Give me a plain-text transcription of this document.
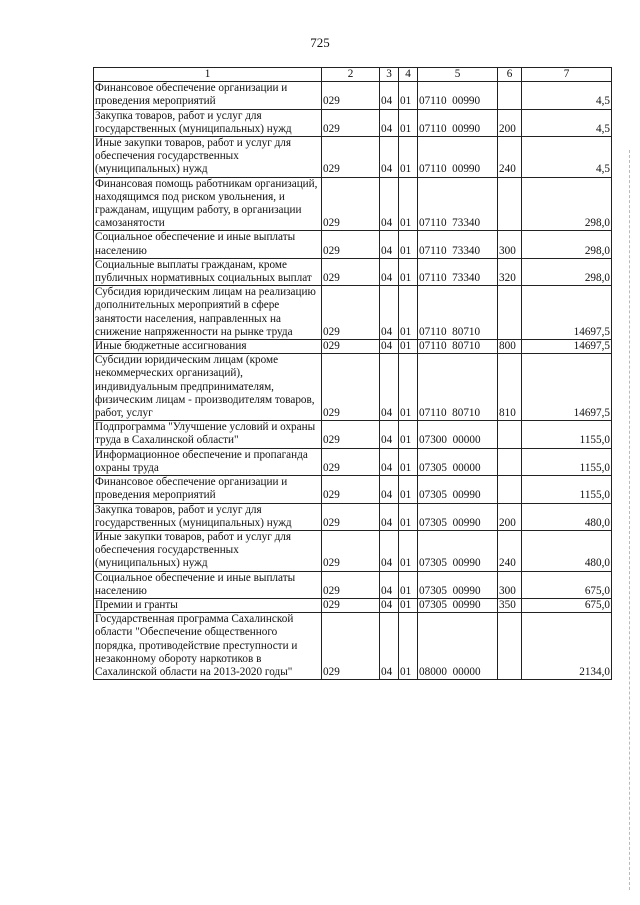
725
1	2	3	4	5	6	7
Финансовое обеспечение организации и проведения мероприятий	029	04	01	07110  00990		4,5
Закупка товаров, работ и услуг для государственных (муниципальных) нужд	029	04	01	07110  00990	200	4,5
Иные закупки товаров, работ и услуг для обеспечения государственных (муниципальных) нужд	029	04	01	07110  00990	240	4,5
Финансовая помощь работникам организаций, находящимся под риском увольнения, и гражданам, ищущим работу, в организации самозанятости	029	04	01	07110  73340		298,0
Социальное обеспечение и иные выплаты населению	029	04	01	07110  73340	300	298,0
Социальные выплаты гражданам, кроме публичных нормативных социальных выплат	029	04	01	07110  73340	320	298,0
Субсидия юридическим лицам на реализацию дополнительных мероприятий в сфере занятости населения, направленных на снижение напряженности на рынке труда	029	04	01	07110  80710		14697,5
Иные бюджетные ассигнования	029	04	01	07110  80710	800	14697,5
Субсидии юридическим лицам (кроме некоммерческих организаций), индивидуальным предпринимателям, физическим лицам - производителям товаров, работ, услуг	029	04	01	07110  80710	810	14697,5
Подпрограмма "Улучшение условий и охраны труда в Сахалинской области"	029	04	01	07300  00000		1155,0
Информационное обеспечение и пропаганда охраны труда	029	04	01	07305  00000		1155,0
Финансовое обеспечение организации и проведения мероприятий	029	04	01	07305  00990		1155,0
Закупка товаров, работ и услуг для государственных (муниципальных) нужд	029	04	01	07305  00990	200	480,0
Иные закупки товаров, работ и услуг для обеспечения государственных (муниципальных) нужд	029	04	01	07305  00990	240	480,0
Социальное обеспечение и иные выплаты населению	029	04	01	07305  00990	300	675,0
Премии и гранты	029	04	01	07305  00990	350	675,0
Государственная программа Сахалинской области "Обеспечение общественного порядка, противодействие преступности и незаконному обороту наркотиков в Сахалинской области на 2013-2020 годы"	029	04	01	08000  00000		2134,0
